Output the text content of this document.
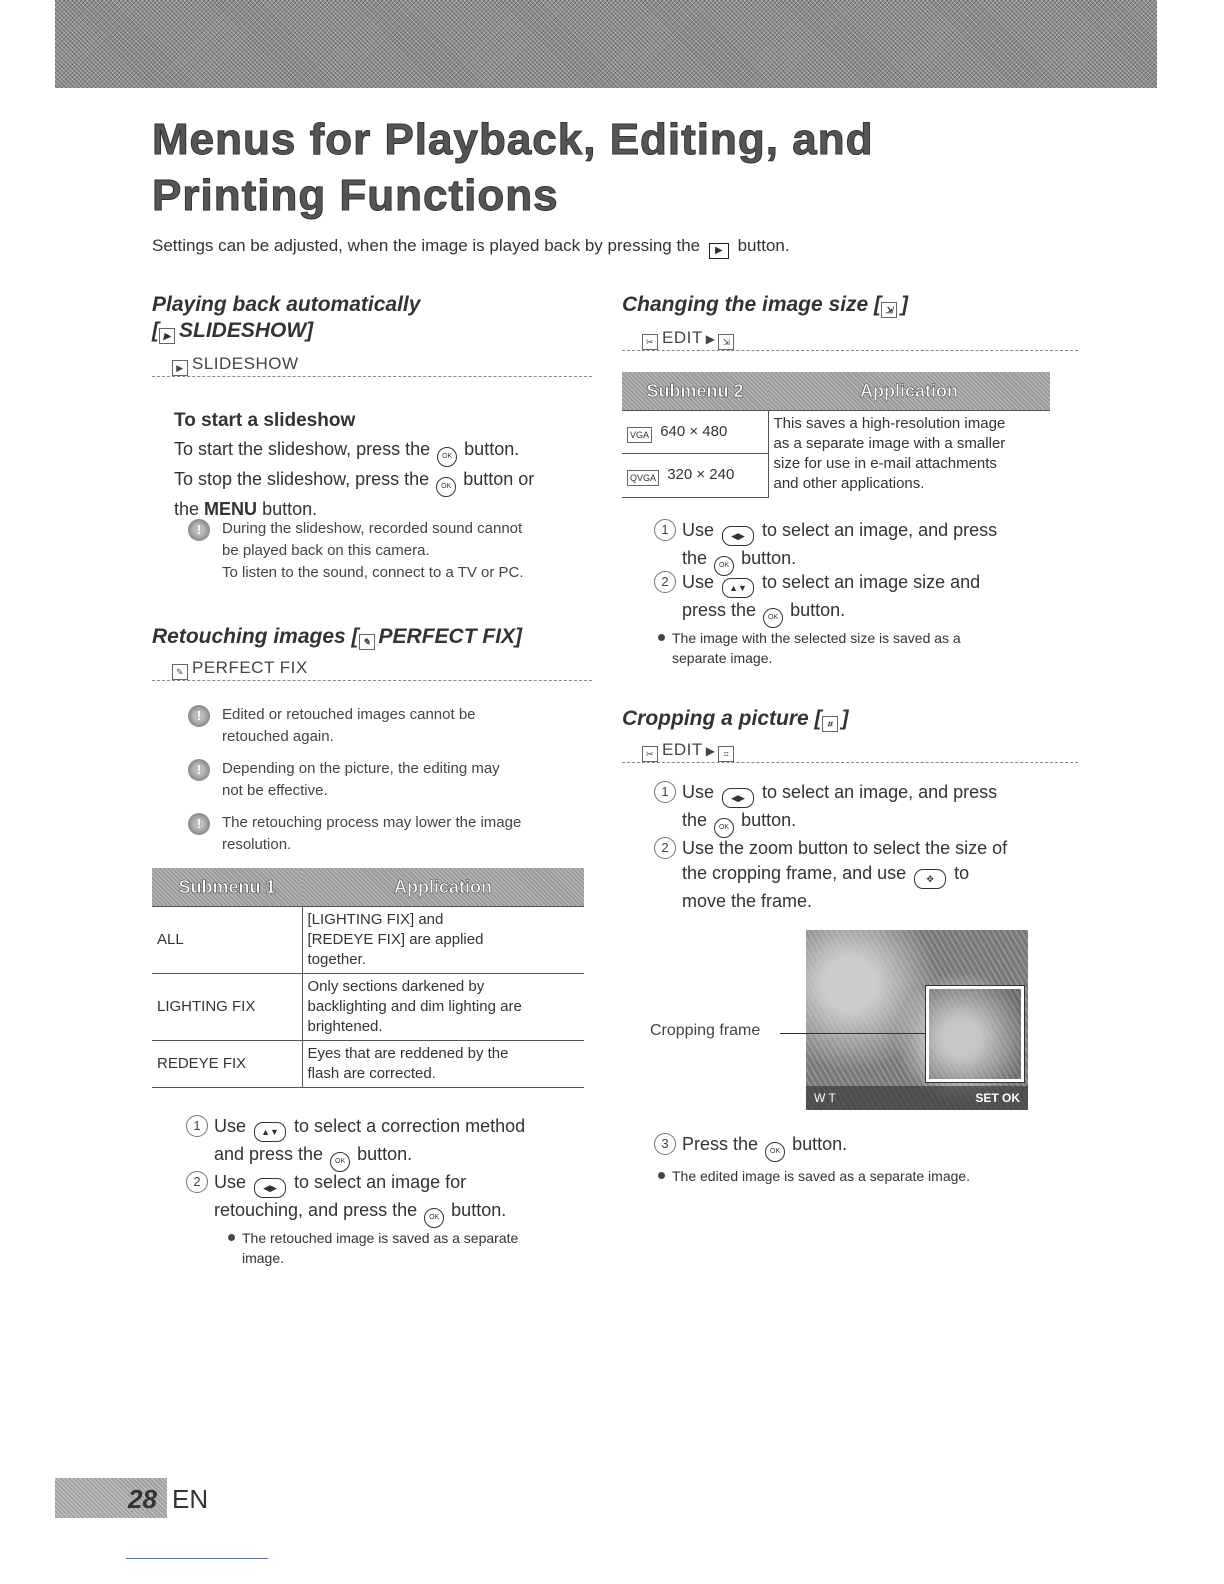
Menus for Playback, Editing, and
Printing Functions
Settings can be adjusted, when the image is played back by pressing the ▶ button.
Playing back automatically
[ ▶ SLIDESHOW]
▶ SLIDESHOW
To start a slideshow
To start the slideshow, press the OK button.
To stop the slideshow, press the OK button or
the MENU button.
!	During the slideshow, recorded sound cannot
be played back on this camera.
To listen to the sound, connect to a TV or PC.
Retouching images [ ✎ PERFECT FIX]
✎ PERFECT FIX
!	Edited or retouched images cannot be
retouched again.
!	Depending on the picture, the editing may
not be effective.
!	The retouching process may lower the image
resolution.
Submenu 1	Application
ALL	[LIGHTING FIX] and
[REDEYE FIX] are applied
together.

LIGHTING FIX	Only sections darkened by
backlighting and dim lighting are
brightened.

REDEYE FIX	Eyes that are reddened by the
flash are corrected.
1 Use ▲▼ to select a correction method
and press the OK button.
2 Use ◀▶ to select an image for
retouching, and press the OK button.
The retouched image is saved as a separate
image.
Changing the image size [ ⇲ ]
✂ EDIT ▶ ⇲
Submenu 2	Application
VGA 640 × 480	This saves a high-resolution image
as a separate image with a smaller
size for use in e-mail attachments
and other applications.

QVGA 320 × 240	
1 Use ◀▶ to select an image, and press
the OK button.
2 Use ▲▼ to select an image size and
press the OK button.
The image with the selected size is saved as a
separate image.
Cropping a picture [ ⌗ ]
✂ EDIT ▶ ⌗
1 Use ◀▶ to select an image, and press
the OK button.
2 Use the zoom button to select the size of
the cropping frame, and use ✥ to
move the frame.
W T	SET OK
Cropping frame
3 Press the OK button.
The edited image is saved as a separate image.
28 EN
